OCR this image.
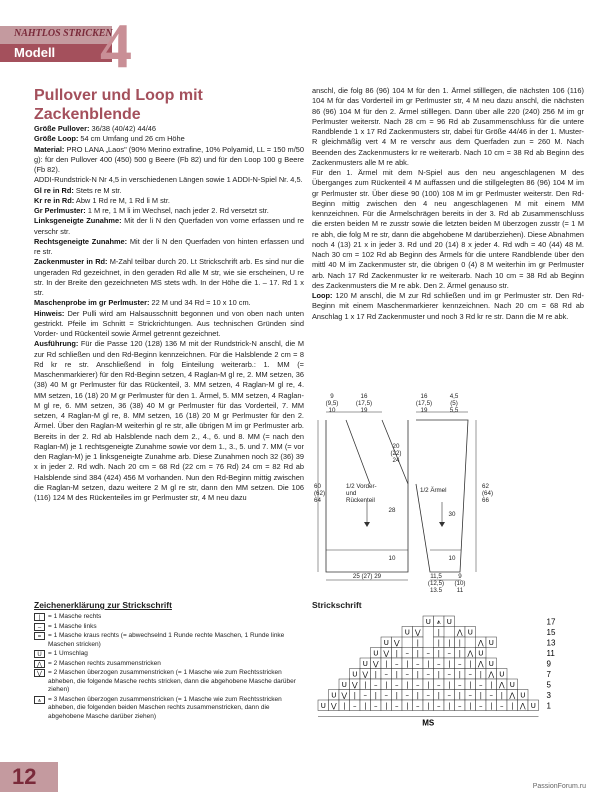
NAHTLOS STRICKEN
Modell 4
Pullover und Loop mit Zackenblende

Größe Pullover: 36/38 (40/42) 44/46

Größe Loop: 54 cm Umfang und 26 cm Höhe

Material: PRO LANA „Laos" (90% Merino extrafine, 10% Polyamid, LL = 150 m/50 g): für den Pullover 400 (450) 500 g Beere (Fb 82) und für den Loop 100 g Beere (Fb 82).

ADDI-Rundstrick-N Nr 4,5 in verschiedenen Längen sowie 1 ADDI-N-Spiel Nr. 4,5.

Gl re in Rd: Stets re M str.

Kr re in Rd: Abw 1 Rd re M, 1 Rd li M str.

Gr Perlmuster: 1 M re, 1 M li im Wechsel, nach jeder 2. Rd versetzt str.

Linksgeneigte Zunahme: Mit der li N den Querfaden von vorne erfassen und re verschr str.

Rechtsgeneigte Zunahme: Mit der li N den Querfaden von hinten erfassen und re str.

Zackenmuster in Rd: M-Zahl teilbar durch 20. Lt Strickschrift arb. Es sind nur die ungeraden Rd gezeichnet, in den geraden Rd alle M str, wie sie erscheinen, U re str. In der Breite den gezeichneten MS stets wdh. In der Höhe die 1. – 17. Rd 1 x str.

Maschenprobe im gr Perlmuster: 22 M und 34 Rd = 10 x 10 cm.

Hinweis: Der Pulli wird am Halsausschnitt begonnen und von oben nach unten gestrickt. Pfeile im Schnitt = Strickrichtungen. Aus technischen Gründen sind Vorder- und Rückenteil sowie Ärmel getrennt gezeichnet.

Ausführung: Für die Passe 120 (128) 136 M mit der Rundstrick-N anschl, die M zur Rd schließen und den Rd-Beginn kennzeichnen. Für die Halsblende 2 cm = 8 Rd kr re str. Anschließend in folg Einteilung weiterarb.: 1. MM (= Maschenmarkierer) für den Rd-Beginn setzen, 4 Raglan-M gl re, 2. MM setzen, 36 (38) 40 M gr Perlmuster für das Rückenteil, 3. MM setzen, 4 Raglan-M gl re, 4. MM setzen, 16 (18) 20 M gr Perlmuster für den 1. Ärmel, 5. MM setzen, 4 Raglan-M gl re, 6. MM setzen, 36 (38) 40 M gr Perlmuster für das Vorderteil, 7. MM setzen, 4 Raglan-M gl re, 8. MM setzen, 16 (18) 20 M gr Perlmuster für den 2. Ärmel. Über den Raglan-M weiterhin gl re str, alle übrigen M im gr Perlmuster arb. Bereits in der 2. Rd ab Halsblende nach dem 2., 4., 6. und 8. MM (= nach den Raglan-M) je 1 rechtsgeneigte Zunahme sowie vor dem 1., 3., 5. und 7. MM (= vor den Raglan-M) je 1 linksgeneigte Zunahme arb. Diese Zunahmen noch 32 (36) 39 x in jeder 2. Rd wdh. Nach 20 cm = 68 Rd (22 cm = 76 Rd) 24 cm = 82 Rd ab Halsblende sind 384 (424) 456 M vorhanden. Nun den Rd-Beginn mittig zwischen die Raglan-M setzen, dazu weitere 2 M gl re str, dann den MM setzen. Die 106 (116) 124 M des Rückenteiles im gr Perlmuster str, 4 M neu dazu

anschl, die folg 86 (96) 104 M für den 1. Ärmel stilllegen, die nächsten 106 (116) 104 M für das Vorderteil im gr Perlmuster str, 4 M neu dazu anschl, die nächsten 86 (96) 104 M für den 2. Ärmel stilllegen. Dann über alle 220 (240) 256 M im gr Perlmuster weiterstr. Nach 28 cm = 96 Rd ab Zusammenschluss für die untere Randblende 1 x 17 Rd Zackenmusters str, dabei für Größe 44/46 in der 1. Muster-R gleichmäßig vert 4 M re verschr aus dem Querfaden zun = 260 M. Nach Beenden des Zackenmusters kr re weiterarb. Nach 10 cm = 38 Rd ab Beginn des Zackenmusters alle M re abk.

Für den 1. Ärmel mit dem N-Spiel aus den neu angeschlagenen M des Überganges zum Rückenteil 4 M auffassen und die stillgelegten 86 (96) 104 M im gr Perlmuster str. Über diese 90 (100) 108 M im gr Perlmuster weiterstr. Den Rd-Beginn mittig zwischen den 4 neu angeschlagenen M mit einem MM kennzeichnen. Für die Ärmelschrägen bereits in der 3. Rd ab Zusammenschluss die ersten beiden M re zusstr sowie die letzten beiden M überzogen zusstr (= 1 M re abh, die folg M re str, dann die abgehobene M darüberziehen). Diese Abnahmen noch 4 (13) 21 x in jeder 3. Rd und 20 (14) 8 x jeder 4. Rd wdh = 40 (44) 48 M. Nach 30 cm = 102 Rd ab Beginn des Ärmels für die untere Randblende über den mittl 40 M im Zackenmuster str, die übrigen 0 (4) 8 M weiterhin im gr Perlmuster arb. Nach 17 Rd Zackenmuster kr re weiterarb. Nach 10 cm = 38 Rd ab Beginn des Zackenmusters die M re abk. Den 2. Ärmel genauso str.

Loop: 120 M anschl, die M zur Rd schließen und im gr Perlmuster str. Den Rd-Beginn mit einem Maschenmarkierer kennzeichnen. Nach 20 cm = 68 Rd ab Anschlag 1 x 17 Rd Zackenmuster und noch 3 Rd kr re str. Dann die M re abk.

9 (9,5) 10
16 (17,5) 19
16 (17,5) 19
4,5 (5) 5,5
20 (22) 24
1/2 Vorder-und Rückenteil
1/2 Ärmel
60 (62) 64
62 (64) 66
28
30
10	10
25 (27) 29	11,5 (12,5) 13,5
9 (10) 11
Zeichenerklärung zur Strickschrift
|	= 1 Masche rechts
–	= 1 Masche links
=	= 1 Masche kraus rechts (= abwechselnd 1 Runde rechte Maschen, 1 Runde linke Maschen stricken)
U = 1 Umschlag
⋀ = 2 Maschen rechts zusammenstricken
⋁ = 2 Maschen überzogen zusammenstricken (= 1 Masche wie zum Rechtsstricken abheben, die folgende Masche rechts stricken, dann die abgehobene Masche darüber ziehen)
⩚	= 3 Maschen überzogen zusammenstricken (= 1 Masche wie zum Rechtsstricken abheben, die folgenden beiden Maschen rechts zusammenstricken, dann die abgehobene Masche darüber ziehen)
Strickschrift
U ⩚ U	17
U ⋁ | ⋀ U	15
U ⋁ |	| | | ⋀ U	13
U ⋁ | – | – | – | ⋀ U	11
U ⋁ | – | – | – | – | ⋀ U	9
U ⋁ | – | – | – | – | – | ⋀ U	7
U ⋁ | – | – | – | – | – | – | ⋀ U	5
U ⋁ | – | – | – | – | – | – | – | ⋀ U	3
U ⋁ | – | – | – | – | – | – | – | – | ⋀ U 1
MS
12	PassionForum.ru
